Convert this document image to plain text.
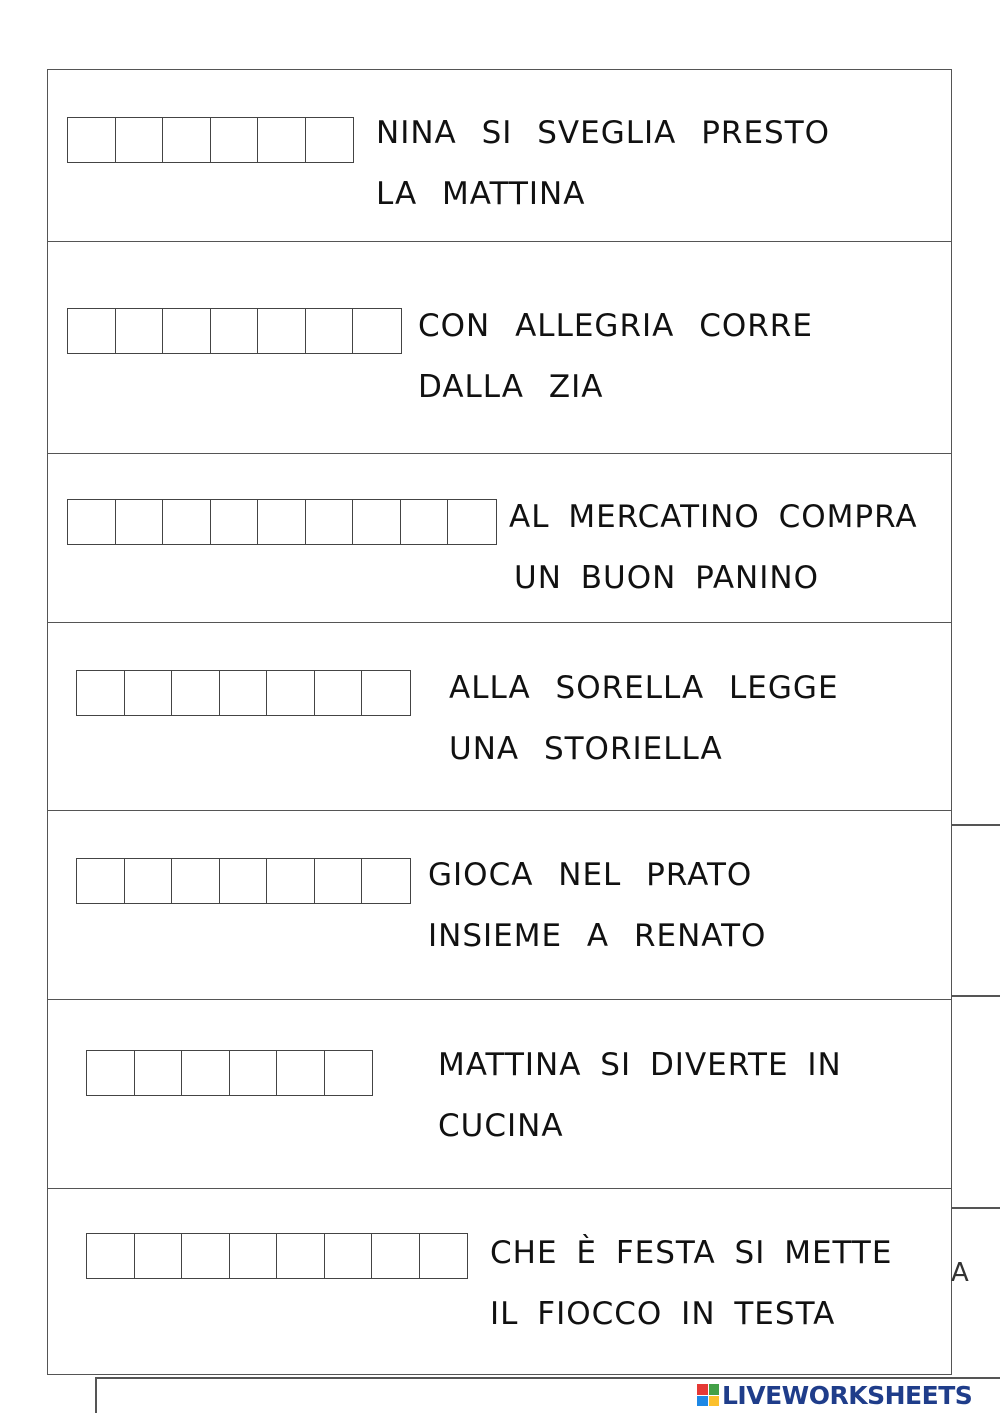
NINA SI SVEGLIA PRESTO
LA MATTINA
CON ALLEGRIA CORRE
DALLA ZIA
AL MERCATINO COMPRA
UN BUON PANINO
ALLA SORELLA LEGGE
UNA STORIELLA
GIOCA NEL PRATO
INSIEME A RENATO
MATTINA SI DIVERTE IN
CUCINA
CHE È FESTA SI METTE
IL FIOCCO IN TESTA
A
LIVEWORKSHEETS
